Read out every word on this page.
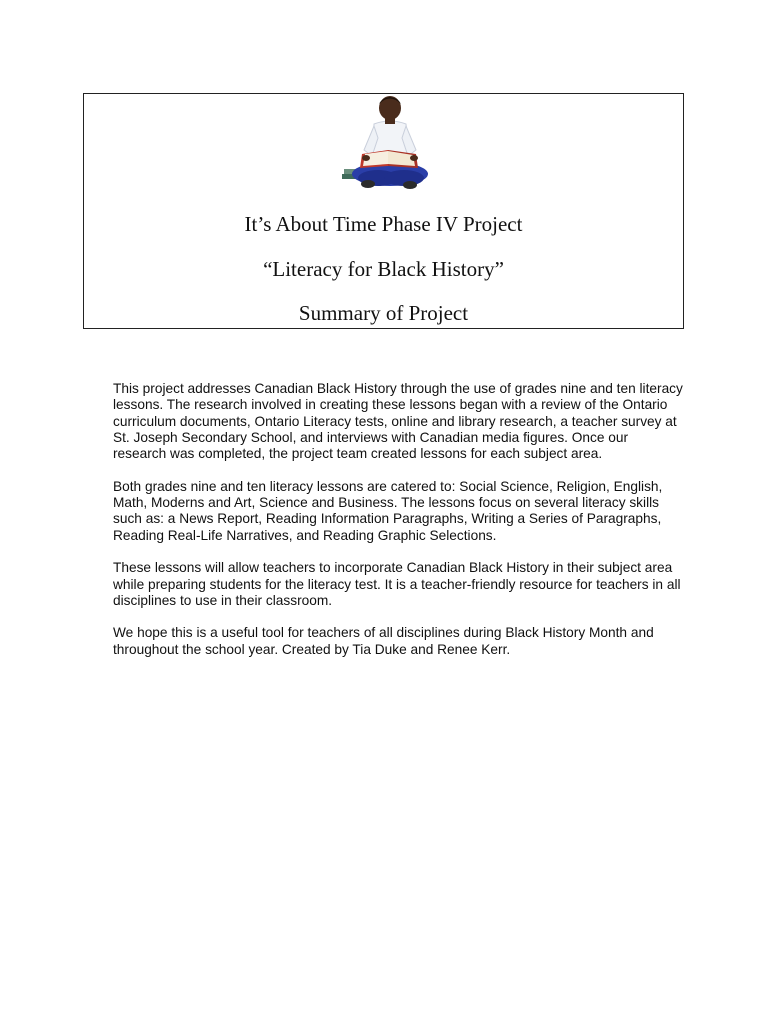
It’s About Time Phase IV Project
“Literacy for Black History”
Summary of Project

This project addresses Canadian Black History through the use of grades nine and ten literacy lessons. The research involved in creating these lessons began with a review of the Ontario curriculum documents, Ontario Literacy tests, online and library research, a teacher survey at St. Joseph Secondary School, and interviews with Canadian media figures. Once our research was completed, the project team created lessons for each subject area.

Both grades nine and ten literacy lessons are catered to: Social Science, Religion, English, Math, Moderns and Art, Science and Business. The lessons focus on several literacy skills such as: a News Report, Reading Information Paragraphs, Writing a Series of Paragraphs, Reading Real-Life Narratives, and Reading Graphic Selections.

These lessons will allow teachers to incorporate Canadian Black History in their subject area while preparing students for the literacy test. It is a teacher-friendly resource for teachers in all disciplines to use in their classroom.

We hope this is a useful tool for teachers of all disciplines during Black History Month and throughout the school year. Created by Tia Duke and Renee Kerr.
